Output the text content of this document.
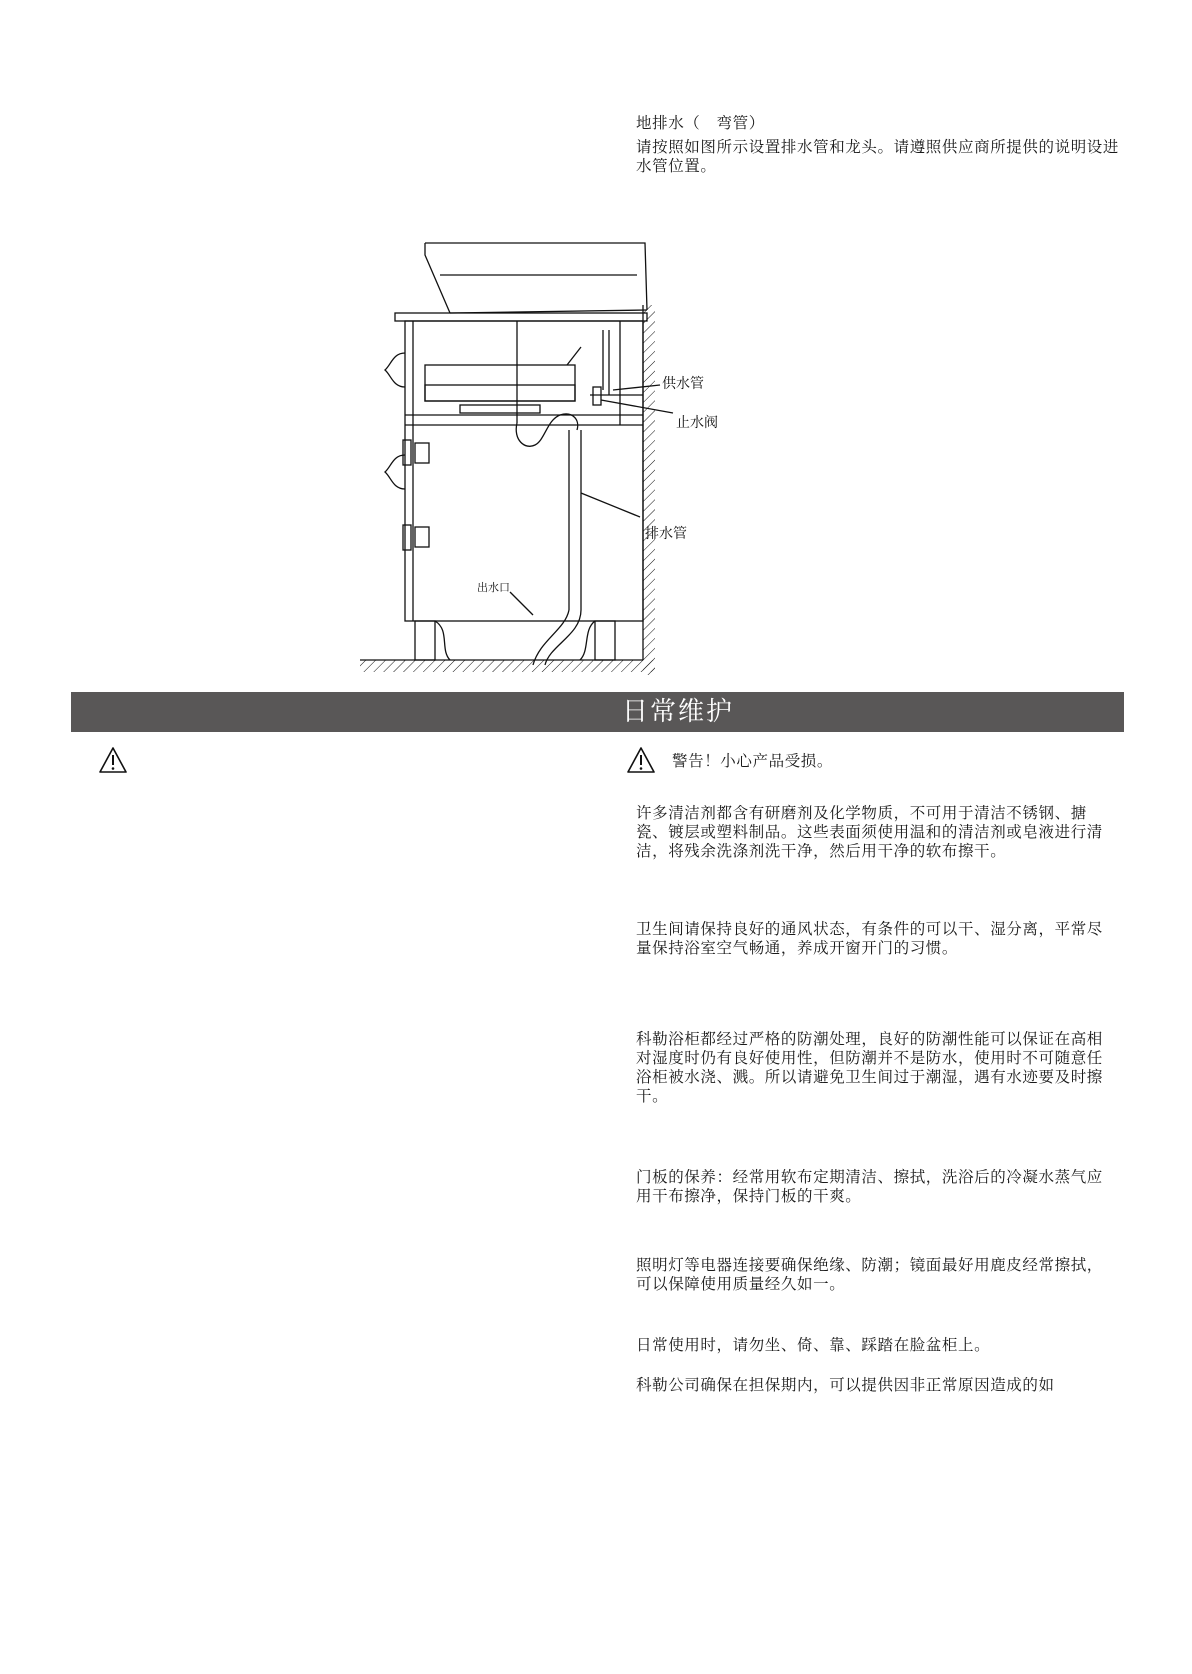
地排水（　弯管）
请按照如图所示设置排水管和龙头。请遵照供应商所提供的说明设进水管位置。
供水管
止水阀
排水管
出水口
日常维护
警告！小心产品受损。
许多清洁剂都含有研磨剂及化学物质，不可用于清洁不锈钢、搪瓷、镀层或塑料制品。这些表面须使用温和的清洁剂或皂液进行清洁，将残余洗涤剂洗干净，然后用干净的软布擦干。
卫生间请保持良好的通风状态，有条件的可以干、湿分离，平常尽量保持浴室空气畅通，养成开窗开门的习惯。
科勒浴柜都经过严格的防潮处理，良好的防潮性能可以保证在高相对湿度时仍有良好使用性，但防潮并不是防水，使用时不可随意任浴柜被水浇、溅。所以请避免卫生间过于潮湿，遇有水迹要及时擦干。
门板的保养：经常用软布定期清洁、擦拭，洗浴后的冷凝水蒸气应用干布擦净，保持门板的干爽。
照明灯等电器连接要确保绝缘、防潮；镜面最好用鹿皮经常擦拭，可以保障使用质量经久如一。
日常使用时，请勿坐、倚、靠、踩踏在脸盆柜上。
科勒公司确保在担保期内，可以提供因非正常原因造成的如
